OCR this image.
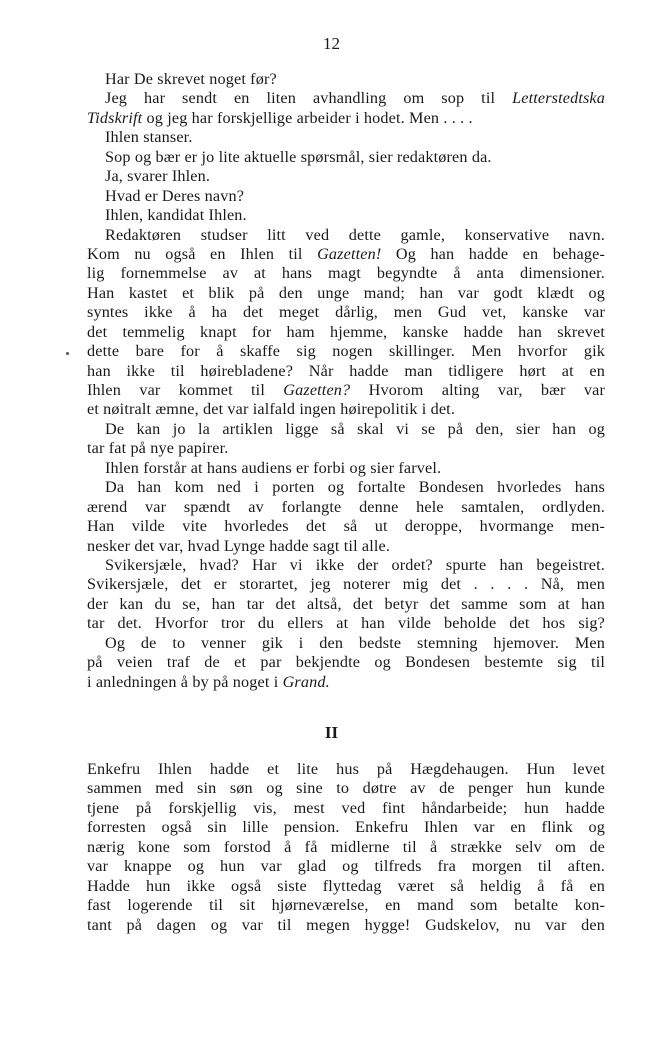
12
Har De skrevet noget før?
Jeg har sendt en liten avhandling om sop til Letterstedtska
Tidskrift og jeg har forskjellige arbeider i hodet. Men . . . .
Ihlen stanser.
Sop og bær er jo lite aktuelle spørsmål, sier redaktøren da.
Ja, svarer Ihlen.
Hvad er Deres navn?
Ihlen, kandidat Ihlen.
Redaktøren studser litt ved dette gamle, konservative navn.
Kom nu også en Ihlen til Gazetten! Og han hadde en behage-
lig fornemmelse av at hans magt begyndte å anta dimensioner.
Han kastet et blik på den unge mand; han var godt klædt og
syntes ikke å ha det meget dårlig, men Gud vet, kanske var
det temmelig knapt for ham hjemme, kanske hadde han skrevet
dette bare for å skaffe sig nogen skillinger. Men hvorfor gik
han ikke til høirebladene? Når hadde man tidligere hørt at en
Ihlen var kommet til Gazetten? Hvorom alting var, bær var
et nøitralt æmne, det var ialfald ingen høirepolitik i det.
De kan jo la artiklen ligge så skal vi se på den, sier han og
tar fat på nye papirer.
Ihlen forstår at hans audiens er forbi og sier farvel.
Da han kom ned i porten og fortalte Bondesen hvorledes hans
ærend var spændt av forlangte denne hele samtalen, ordlyden.
Han vilde vite hvorledes det så ut deroppe, hvormange men-
nesker det var, hvad Lynge hadde sagt til alle.
Svikersjæle, hvad? Har vi ikke der ordet? spurte han begeistret.
Svikersjæle, det er storartet, jeg noterer mig det . . . . Nå, men
der kan du se, han tar det altså, det betyr det samme som at han
tar det. Hvorfor tror du ellers at han vilde beholde det hos sig?
Og de to venner gik i den bedste stemning hjemover. Men
på veien traf de et par bekjendte og Bondesen bestemte sig til
i anledningen å by på noget i Grand.
II
Enkefru Ihlen hadde et lite hus på Hægdehaugen. Hun levet
sammen med sin søn og sine to døtre av de penger hun kunde
tjene på forskjellig vis, mest ved fint håndarbeide; hun hadde
forresten også sin lille pension. Enkefru Ihlen var en flink og
nærig kone som forstod å få midlerne til å strække selv om de
var knappe og hun var glad og tilfreds fra morgen til aften.
Hadde hun ikke også siste flyttedag været så heldig å få en
fast logerende til sit hjørneværelse, en mand som betalte kon-
tant på dagen og var til megen hygge! Gudskelov, nu var den
